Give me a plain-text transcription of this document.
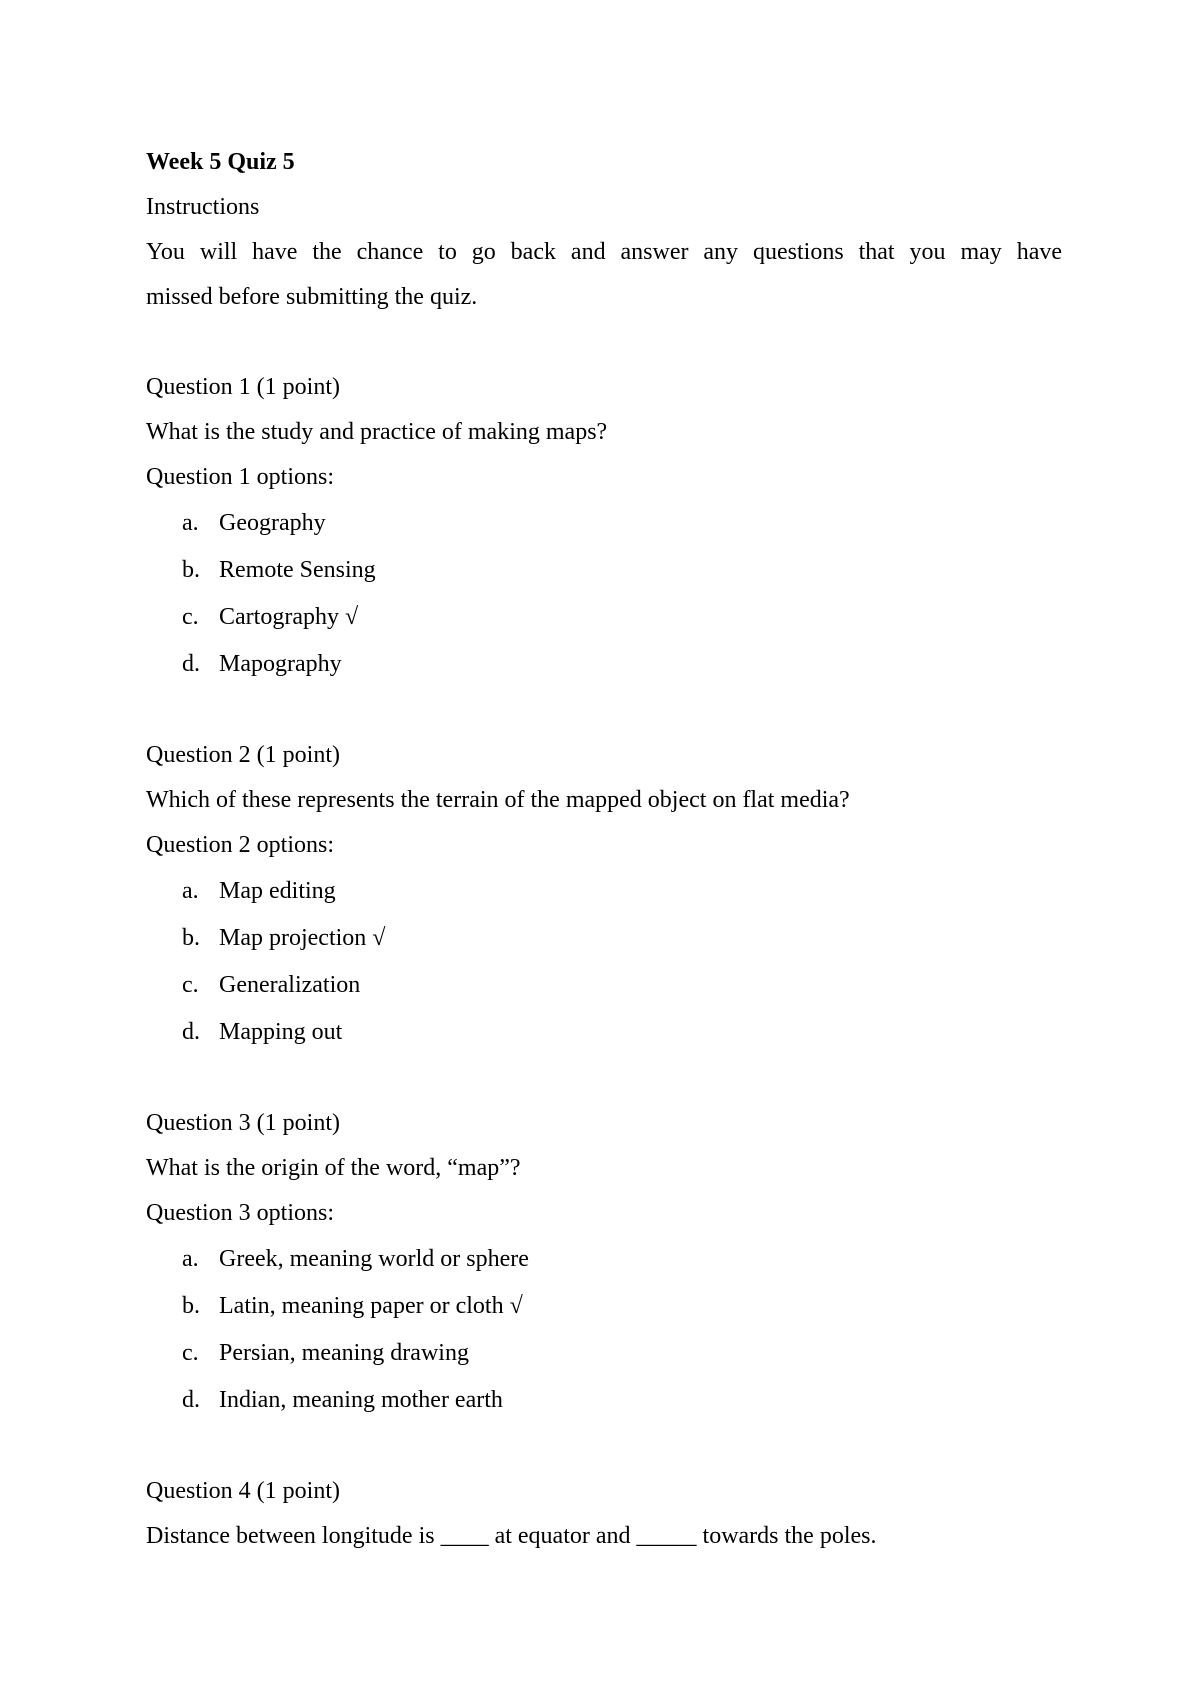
Week 5 Quiz 5
Instructions
You will have the chance to go back and answer any questions that you may have
missed before submitting the quiz.
Question 1 (1 point)
What is the study and practice of making maps?
Question 1 options:
a. Geography
b. Remote Sensing
c. Cartography √
d. Mapography
Question 2 (1 point)
Which of these represents the terrain of the mapped object on flat media?
Question 2 options:
a. Map editing
b. Map projection √
c. Generalization
d. Mapping out
Question 3 (1 point)
What is the origin of the word, “map”?
Question 3 options:
a. Greek, meaning world or sphere
b. Latin, meaning paper or cloth √
c. Persian, meaning drawing
d. Indian, meaning mother earth
Question 4 (1 point)
Distance between longitude is ____ at equator and _____ towards the poles.
